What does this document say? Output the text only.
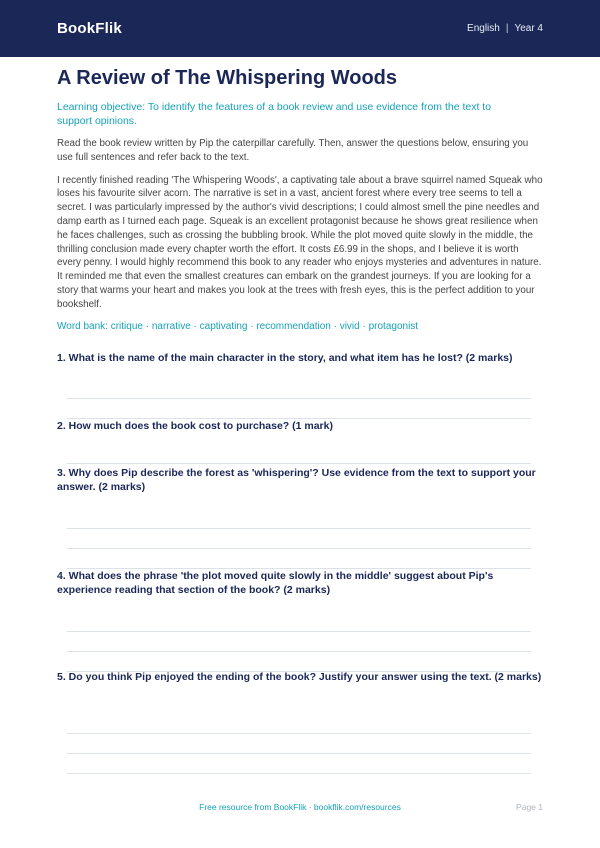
BookFlik	English | Year 4
A Review of The Whispering Woods
Learning objective: To identify the features of a book review and use evidence from the text to support opinions.
Read the book review written by Pip the caterpillar carefully. Then, answer the questions below, ensuring you use full sentences and refer back to the text.
I recently finished reading 'The Whispering Woods', a captivating tale about a brave squirrel named Squeak who loses his favourite silver acorn. The narrative is set in a vast, ancient forest where every tree seems to tell a secret. I was particularly impressed by the author's vivid descriptions; I could almost smell the pine needles and damp earth as I turned each page. Squeak is an excellent protagonist because he shows great resilience when he faces challenges, such as crossing the bubbling brook. While the plot moved quite slowly in the middle, the thrilling conclusion made every chapter worth the effort. It costs £6.99 in the shops, and I believe it is worth every penny. I would highly recommend this book to any reader who enjoys mysteries and adventures in nature. It reminded me that even the smallest creatures can embark on the grandest journeys. If you are looking for a story that warms your heart and makes you look at the trees with fresh eyes, this is the perfect addition to your bookshelf.
Word bank: critique · narrative · captivating · recommendation · vivid · protagonist
1. What is the name of the main character in the story, and what item has he lost? (2 marks)
2. How much does the book cost to purchase? (1 mark)
3. Why does Pip describe the forest as 'whispering'? Use evidence from the text to support your answer. (2 marks)
4. What does the phrase 'the plot moved quite slowly in the middle' suggest about Pip's experience reading that section of the book? (2 marks)
5. Do you think Pip enjoyed the ending of the book? Justify your answer using the text. (2 marks)
Free resource from BookFlik · bookflik.com/resources	Page 1
